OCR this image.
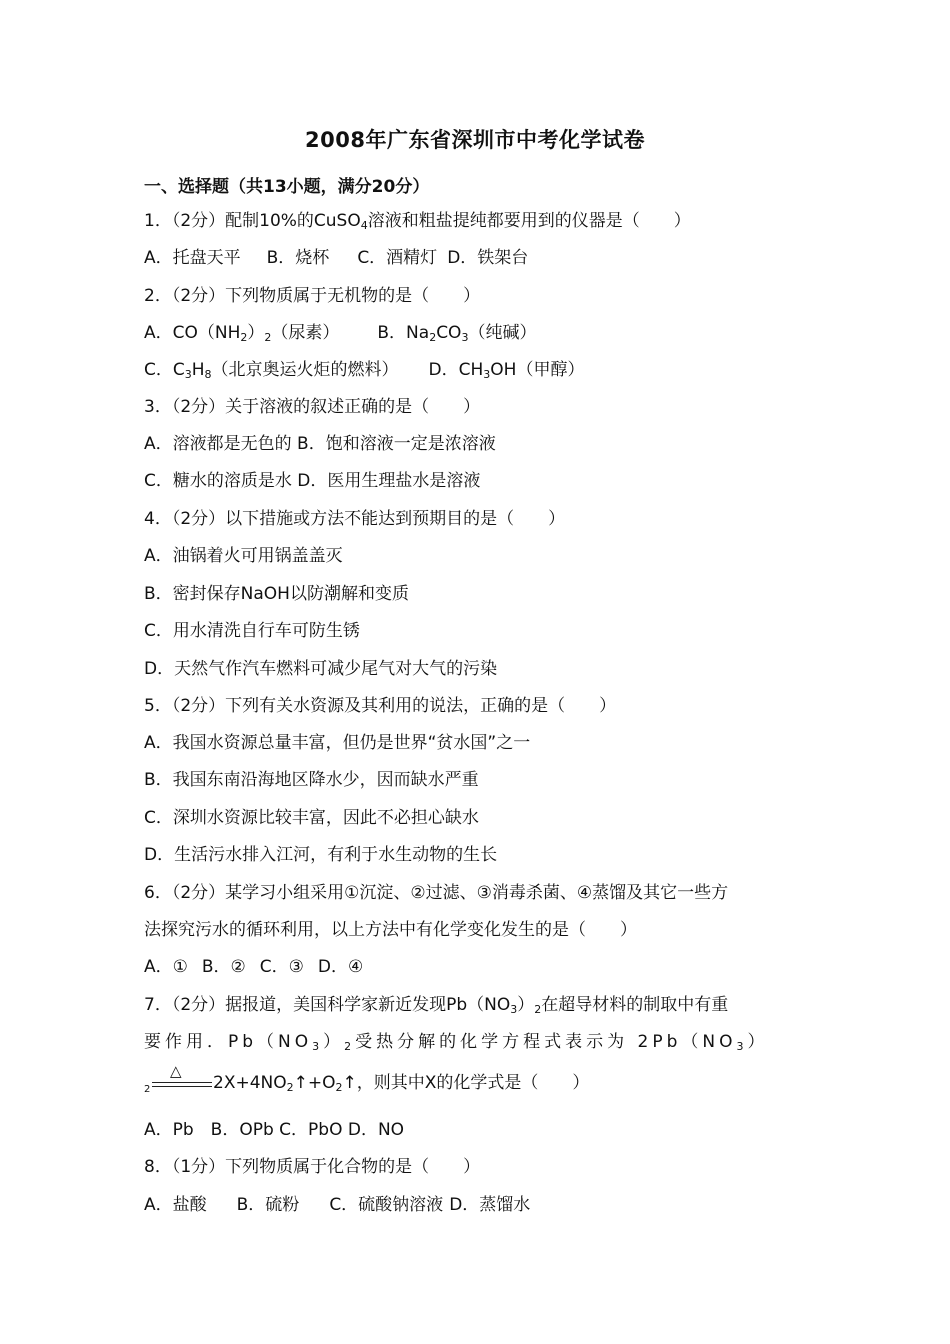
2008年广东省深圳市中考化学试卷
一、选择题（共13小题，满分20分）
1．（2分）配制10%的CuSO$_4$溶液和粗盐提纯都要用到的仪器是（　　）
A．托盘天平 B．烧杯 C．酒精灯 D．铁架台
2．（2分）下列物质属于无机物的是（　　）
A．$CO(NH_2)_2$（尿素） B．$Na_2CO_3$（纯碱）
C．$C_3H_8$（北京奥运火炬的燃料） D．$CH_3OH$（甲醇）
3．（2分）关于溶液的叙述正确的是（　　）
A．溶液都是无色的 B．饱和溶液一定是浓溶液
C．糖水的溶质是水 D．医用生理盐水是溶液
4．（2分）以下措施或方法不能达到预期目的是（　　）
A．油锅着火可用锅盖盖灭
B．密封保存NaOH以防潮解和变质
C．用水清洗自行车可防生锈
D．天然气作汽车燃料可减少尾气对大气的污染
5．（2分）下列有关水资源及其利用的说法，正确的是（　　）
A．我国水资源总量丰富，但仍是世界“贫水国”之一
B．我国东南沿海地区降水少，因而缺水严重
C．深圳水资源比较丰富，因此不必担心缺水
D．生活污水排入江河，有利于水生动物的生长
6．（2分）某学习小组采用①沉淀、②过滤、③消毒杀菌、④蒸馏及其它一些方
法探究污水的循环利用，以上方法中有化学变化发生的是（　　）
A．① B．② C．③ D．④
7．（2分）据报道，美国科学家新近发现$Pb(NO3)_2$在超导材料的制取中有重
要作用．$Pb(NO_3)_2$受热分解的化学方程式表示为 $2Pb(NO_3)$
△
2	$2X+4NO_2↑+O_2↑$，则其中X的化学式是（　　）
A．Pb　B．OPb C．PbO D．NO
8．（1分）下列物质属于化合物的是（　　）
A．盐酸 B．硫粉 C．硫酸钠溶液 D．蒸馏水
